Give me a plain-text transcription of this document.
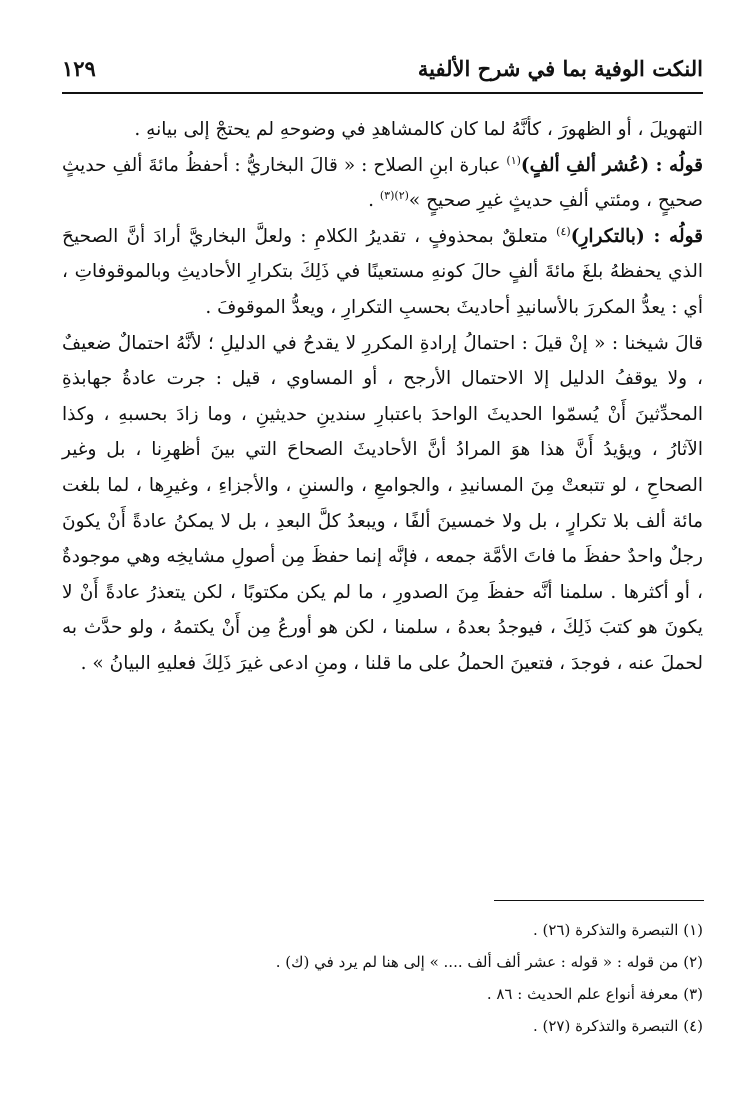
النكت الوفية بما في شرح الألفية
١٢٩

التهويلَ ، أو الظهورَ ، كأنَّهُ لما كان كالمشاهدِ في وضوحهِ لم يحتجْ إلى بيانهِ .

قولُه : (عُشر ألفِ ألفٍ)$^{(١)}$ عبارة ابنِ الصلاح : « قالَ البخاريُّ : أحفظُ مائةَ ألفِ حديثٍ صحيحٍ ، ومئتي ألفِ حديثٍ غيرِ صحيحٍ »$^{(٢)(٣)}$ .

قولُه : (بالتكرارِ)$^{(٤)}$ متعلقٌ بمحذوفٍ ، تقديرُ الكلامِ : ولعلَّ البخاريَّ أرادَ أنَّ الصحيحَ الذي يحفظهُ بلغَ مائةَ ألفٍ حالَ كونهِ مستعينًا في ذَلِكَ بتكرارِ الأحاديثِ وبالموقوفاتِ ، أي : يعدُّ المكررَ بالأسانيدِ أحاديثَ بحسبِ التكرارِ ، ويعدُّ الموقوفَ .

قالَ شيخنا : « إنْ قيلَ : احتمالُ إرادةِ المكررِ لا يقدحُ في الدليلِ ؛ لأنَّهُ احتمالٌ ضعيفٌ ، ولا يوقفُ الدليل إلا الاحتمال الأرجح ، أو المساوي ، قيل : جرت عادةُ جهابذةِ المحدِّثينَ أَنْ يُسمّوا الحديثَ الواحدَ باعتبارِ سندينِ حديثينِ ، وما زادَ بحسبهِ ، وكذا الآثارُ ، ويؤيدُ أَنَّ هذا هوَ المرادُ أنَّ الأحاديثَ الصحاحَ التي بينَ أظهرِنا ، بل وغير الصحاحِ ، لو تتبعتْ مِنَ المسانيدِ ، والجوامعِ ، والسننِ ، والأجزاءِ ، وغيرِها ، لما بلغت مائة ألف بلا تكرارٍ ، بل ولا خمسينَ ألفًا ، ويبعدُ كلَّ البعدِ ، بل لا يمكنُ عادةً أَنْ يكونَ رجلٌ واحدٌ حفظَ ما فاتَ الأمَّة جمعه ، فإنَّه إنما حفظَ مِن أصولِ مشايخِه وهي موجودةٌ ، أو أكثرها . سلمنا أنَّه حفظَ مِنَ الصدورِ ، ما لم يكن مكتوبًا ، لكن يتعذرُ عادةً أَنْ لا يكونَ هو كتبَ ذَلِكَ ، فيوجدُ بعدهُ ، سلمنا ، لكن هو أورعُ مِن أَنْ يكتمهُ ، ولو حدَّث به لحملَ عنه ، فوجدَ ، فتعينَ الحملُ على ما قلنا ، ومنِ ادعى غيرَ ذَلِكَ فعليهِ البيانُ » .

(١) التبصرة والتذكرة (٢٦) .

(٢) من قوله : « قوله : عشر ألف ألف .... » إلى هنا لم يرد في (ك) .

(٣) معرفة أنواع علم الحديث : ٨٦ .

(٤) التبصرة والتذكرة (٢٧) .
